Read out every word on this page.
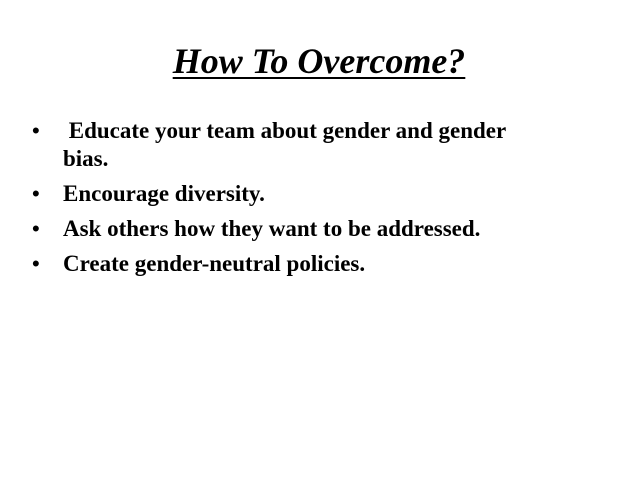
How To Overcome?
• Educate your team about gender and gender bias.
• Encourage diversity.
• Ask others how they want to be addressed.
• Create gender-neutral policies.
